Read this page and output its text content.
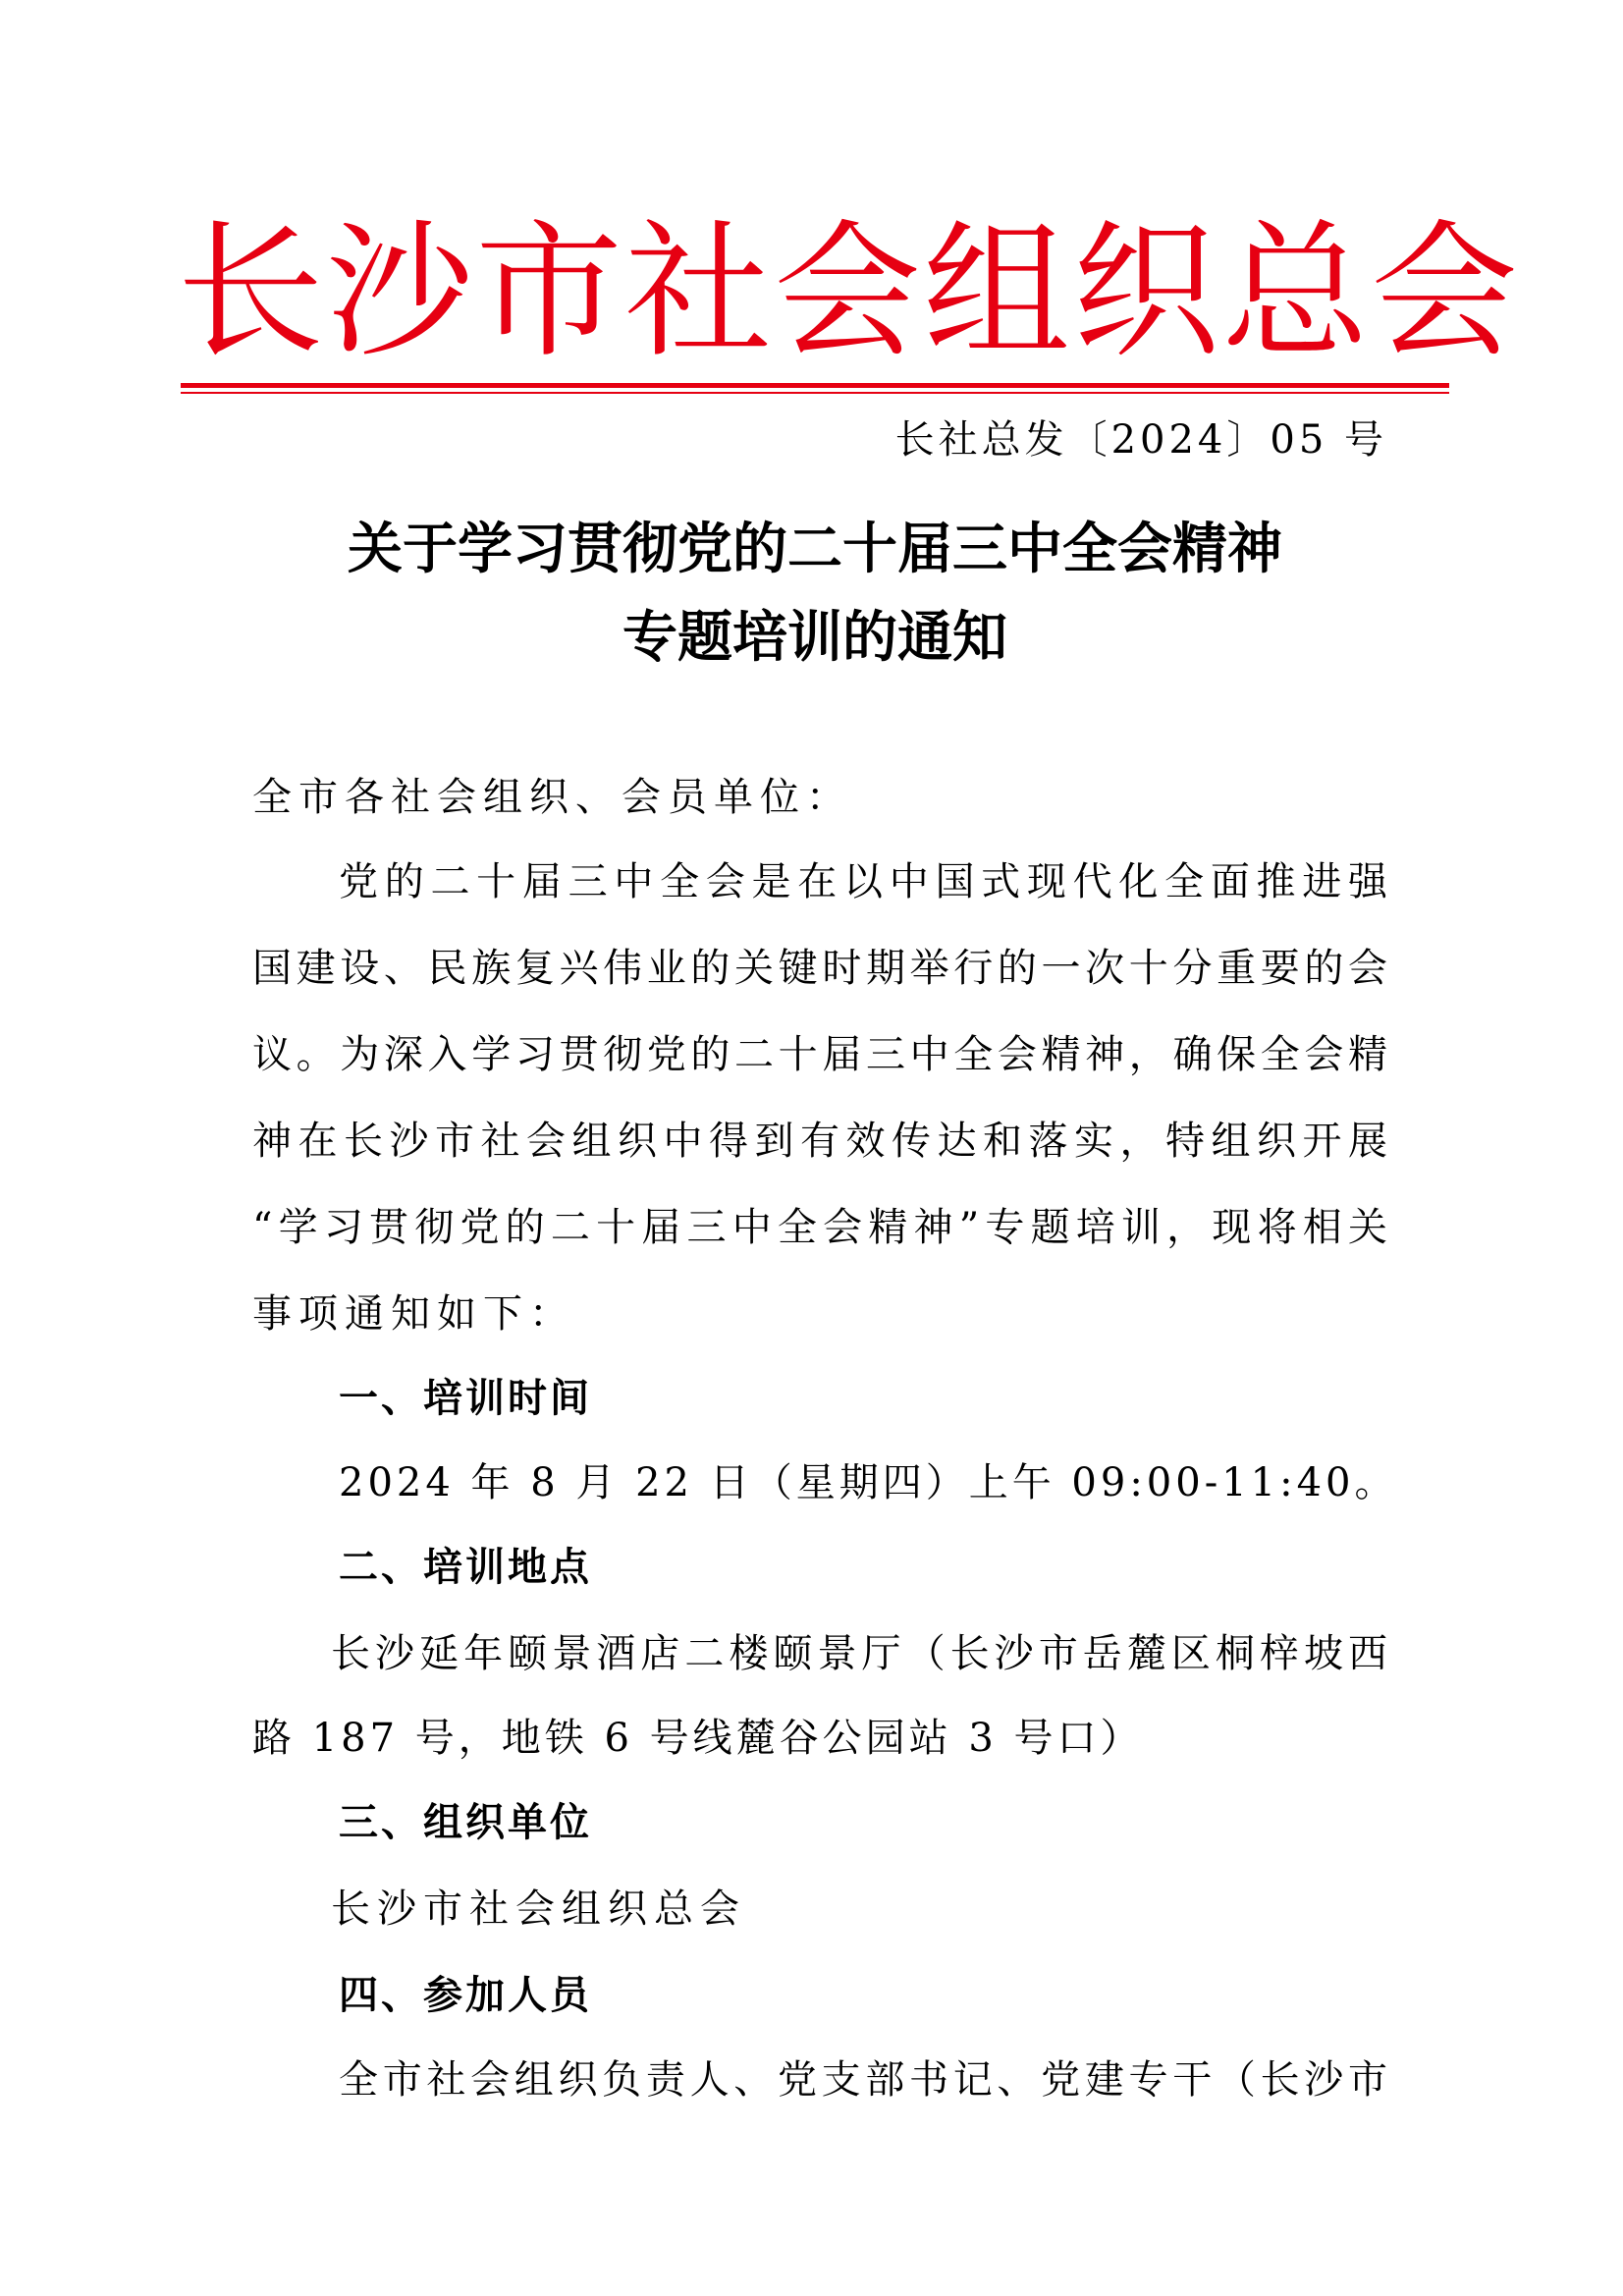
长沙市社会组织总会
长社总发〔2024〕05 号
关于学习贯彻党的二十届三中全会精神
专题培训的通知
全市各社会组织、会员单位：
党的二十届三中全会是在以中国式现代化全面推进强
国建设、民族复兴伟业的关键时期举行的一次十分重要的会
议。为深入学习贯彻党的二十届三中全会精神，确保全会精
神在长沙市社会组织中得到有效传达和落实，特组织开展
“学习贯彻党的二十届三中全会精神”专题培训，现将相关
事项通知如下：
一、培训时间
2024 年 8 月 22 日（星期四）上午 09:00-11:40。
二、培训地点
长沙延年颐景酒店二楼颐景厅（长沙市岳麓区桐梓坡西
路 187 号，地铁 6 号线麓谷公园站 3 号口）
三、组织单位
长沙市社会组织总会
四、参加人员
全市社会组织负责人、党支部书记、党建专干（长沙市
